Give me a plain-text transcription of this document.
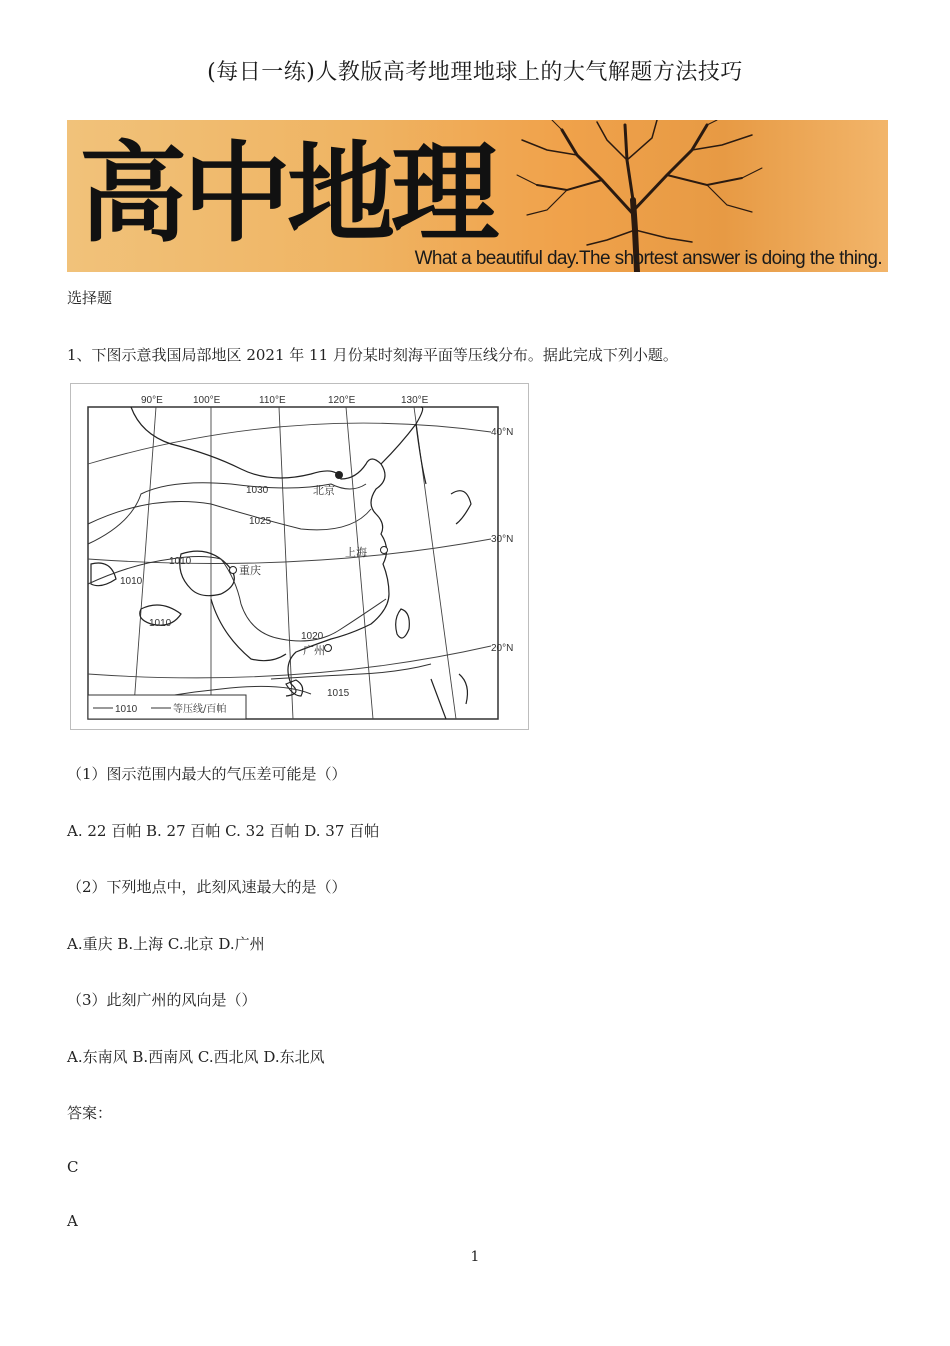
(每日一练)人教版高考地理地球上的大气解题方法技巧
高中地理
What a beautiful day.The shortest answer is doing the thing.
选择题
1、下图示意我国局部地区 2021 年 11 月份某时刻海平面等压线分布。据此完成下列小题。
90°E	100°E	110°E	120°E	130°E
40°N
30°N
20°N
1030
1025
1010
1010
1010
1020
1015
北京
上海
重庆
广州
1010	等压线/百帕
（1）图示范围内最大的气压差可能是（）
A. 22 百帕 B. 27 百帕 C. 32 百帕 D. 37 百帕
（2）下列地点中，此刻风速最大的是（）
A.重庆 B.上海 C.北京 D.广州
（3）此刻广州的风向是（）
A.东南风 B.西南风 C.西北风 D.东北风
答案：
C
A
1
